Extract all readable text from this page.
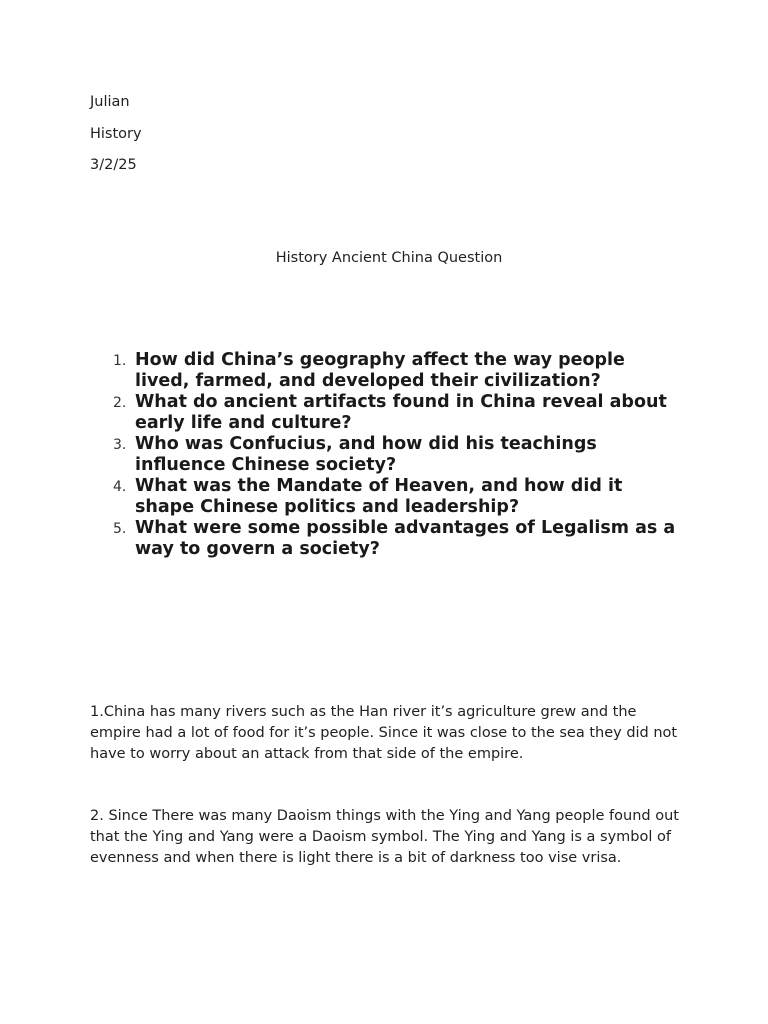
Julian
History
3/2/25
History Ancient China Question
1. How did China’s geography affect the way people lived, farmed, and developed their civilization?
2. What do ancient artifacts found in China reveal about early life and culture?
3. Who was Confucius, and how did his teachings influence Chinese society?
4. What was the Mandate of Heaven, and how did it shape Chinese politics and leadership?
5. What were some possible advantages of Legalism as a way to govern a society?

1.China has many rivers such as the Han river it’s agriculture grew and the empire had a lot of food for it’s people. Since it was close to the sea they did not have to worry about an attack from that side of the empire.

2. Since There was many Daoism things with the Ying and Yang people found out that the Ying and Yang were a Daoism symbol. The Ying and Yang is a symbol of evenness and when there is light there is a bit of darkness too vise vrisa.
